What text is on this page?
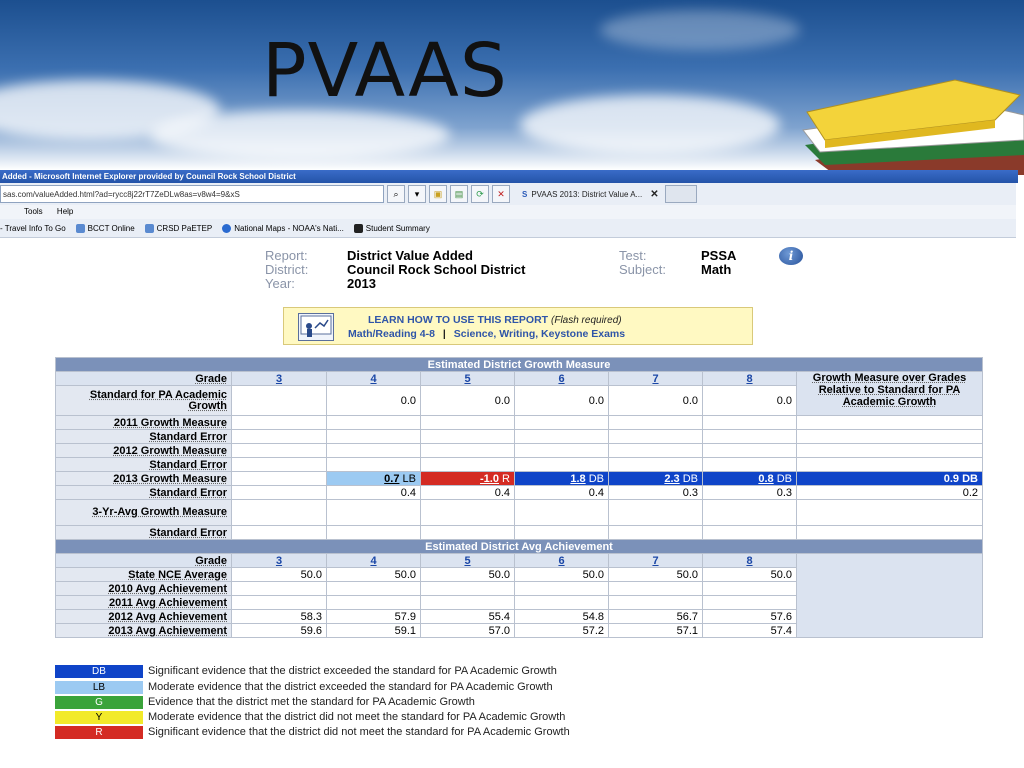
PVAAS
Added - Microsoft Internet Explorer provided by Council Rock School District
sas.com/valueAdded.html?ad=rycc8j22rT7ZeDLw8as=v8w4=9&xS	⌕	▾	▣	▤	⟳	✕	S PVAAS 2013: District Value A... ✕
Tools Help
- Travel Info To Go	BCCT Online	CRSD PaETEP	National Maps - NOAA's Nati...	Student Summary
Report:	District Value Added
District:	Council Rock School District
Year:	2013
Test:	PSSA
Subject:	Math
i
LEARN HOW TO USE THIS REPORT (Flash required)
Math/Reading 4-8 | Science, Writing, Keystone Exams
Estimated District Growth Measure							
Grade	3	4	5	6	7	8	Growth Measure over Grades Relative to Standard for PA Academic Growth
Standard for PA Academic Growth		0.0	0.0	0.0	0.0	0.0	
2011 Growth Measure							
Standard Error							
2012 Growth Measure							
Standard Error							
2013 Growth Measure		0.7 LB	-1.0 R	1.8 DB	2.3 DB	0.8 DB	0.9 DB
Standard Error		0.4	0.4	0.4	0.3	0.3	0.2
3-Yr-Avg Growth Measure							
Standard Error							
Estimated District Avg Achievement							
Grade	3	4	5	6	7	8	
State NCE Average	50.0	50.0	50.0	50.0	50.0	50.0	
2010 Avg Achievement							
2011 Avg Achievement							
2012 Avg Achievement	58.3	57.9	55.4	54.8	56.7	57.6	
2013 Avg Achievement	59.6	59.1	57.0	57.2	57.1	57.4	
DB	Significant evidence that the district exceeded the standard for PA Academic Growth
LB	Moderate evidence that the district exceeded the standard for PA Academic Growth
G	Evidence that the district met the standard for PA Academic Growth
Y	Moderate evidence that the district did not meet the standard for PA Academic Growth
R	Significant evidence that the district did not meet the standard for PA Academic Growth
